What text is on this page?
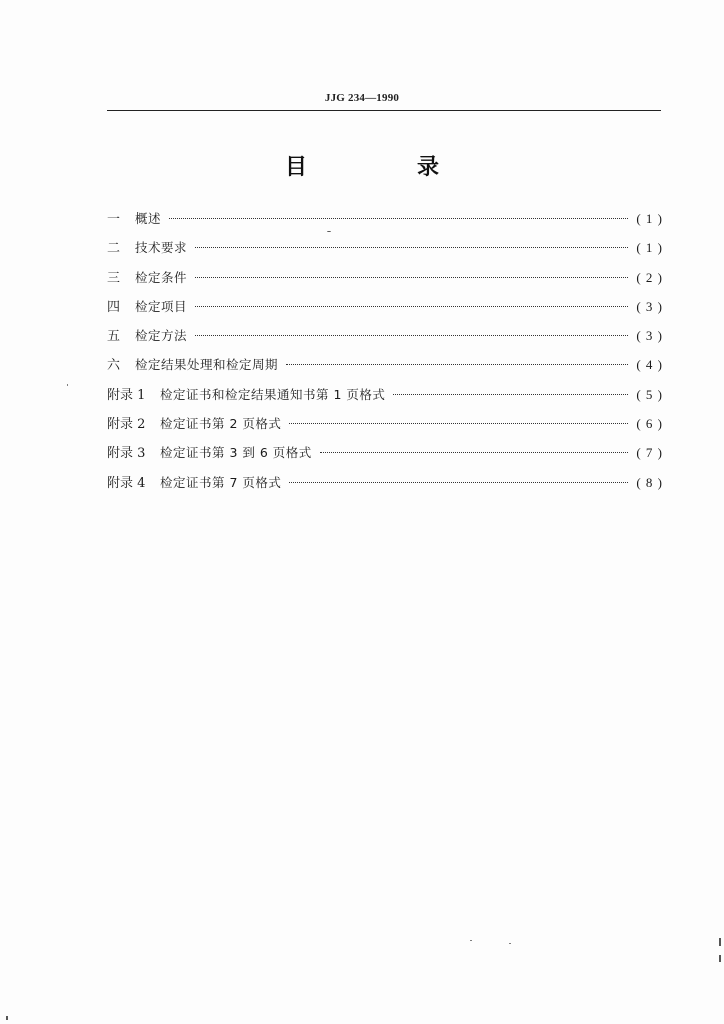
JJG 234—1990
目　录
一	概述	( 1 )
二	技术要求	( 1 )
三	检定条件	( 2 )
四	检定项目	( 3 )
五	检定方法	( 3 )
六	检定结果处理和检定周期	( 4 )
附录 1	检定证书和检定结果通知书第 1 页格式	( 5 )
附录 2	检定证书第 2 页格式	( 6 )
附录 3	检定证书第 3 到 6 页格式	( 7 )
附录 4	检定证书第 7 页格式	( 8 )
